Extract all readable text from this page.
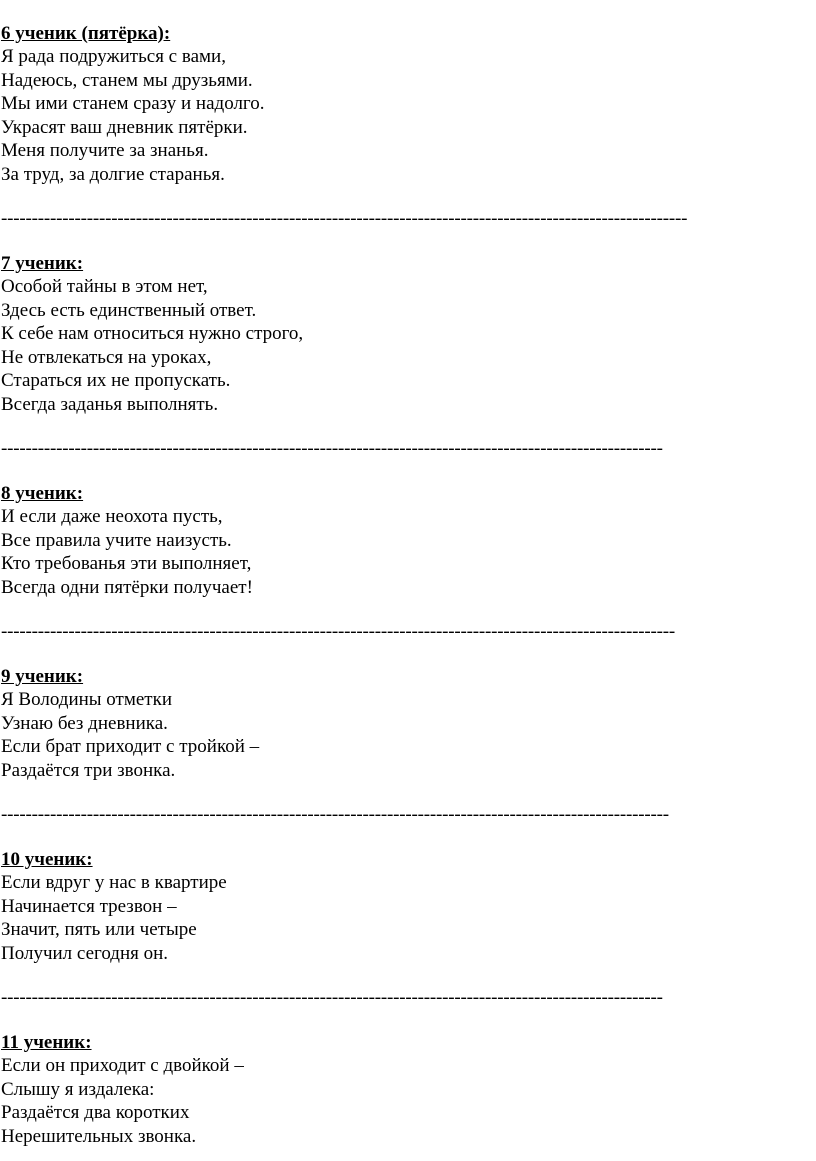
6 ученик (пятёрка):
Я рада подружиться с вами,
Надеюсь, станем мы друзьями.
Мы ими станем сразу и надолго.
Украсят ваш дневник пятёрки.
Меня получите за знанья.
За труд, за долгие старанья.
----------------------------------------------------------------------------------------------------------------
7 ученик:
Особой тайны в этом нет,
Здесь есть единственный ответ.
К себе нам относиться нужно строго,
Не отвлекаться на уроках,
Стараться их не пропускать.
Всегда заданья выполнять.
------------------------------------------------------------------------------------------------------------
8 ученик:
И если даже неохота пусть,
Все правила учите наизусть.
Кто требованья эти выполняет,
Всегда одни пятёрки получает!
--------------------------------------------------------------------------------------------------------------
9 ученик:
Я Володины отметки
Узнаю без дневника.
Если брат приходит с тройкой –
Раздаётся три звонка.
-------------------------------------------------------------------------------------------------------------
10 ученик:
Если вдруг у нас в квартире
Начинается трезвон –
Значит, пять или четыре
Получил сегодня он.
------------------------------------------------------------------------------------------------------------
11 ученик:
Если он приходит с двойкой –
Слышу я издалека:
Раздаётся два коротких
Нерешительных звонка.
